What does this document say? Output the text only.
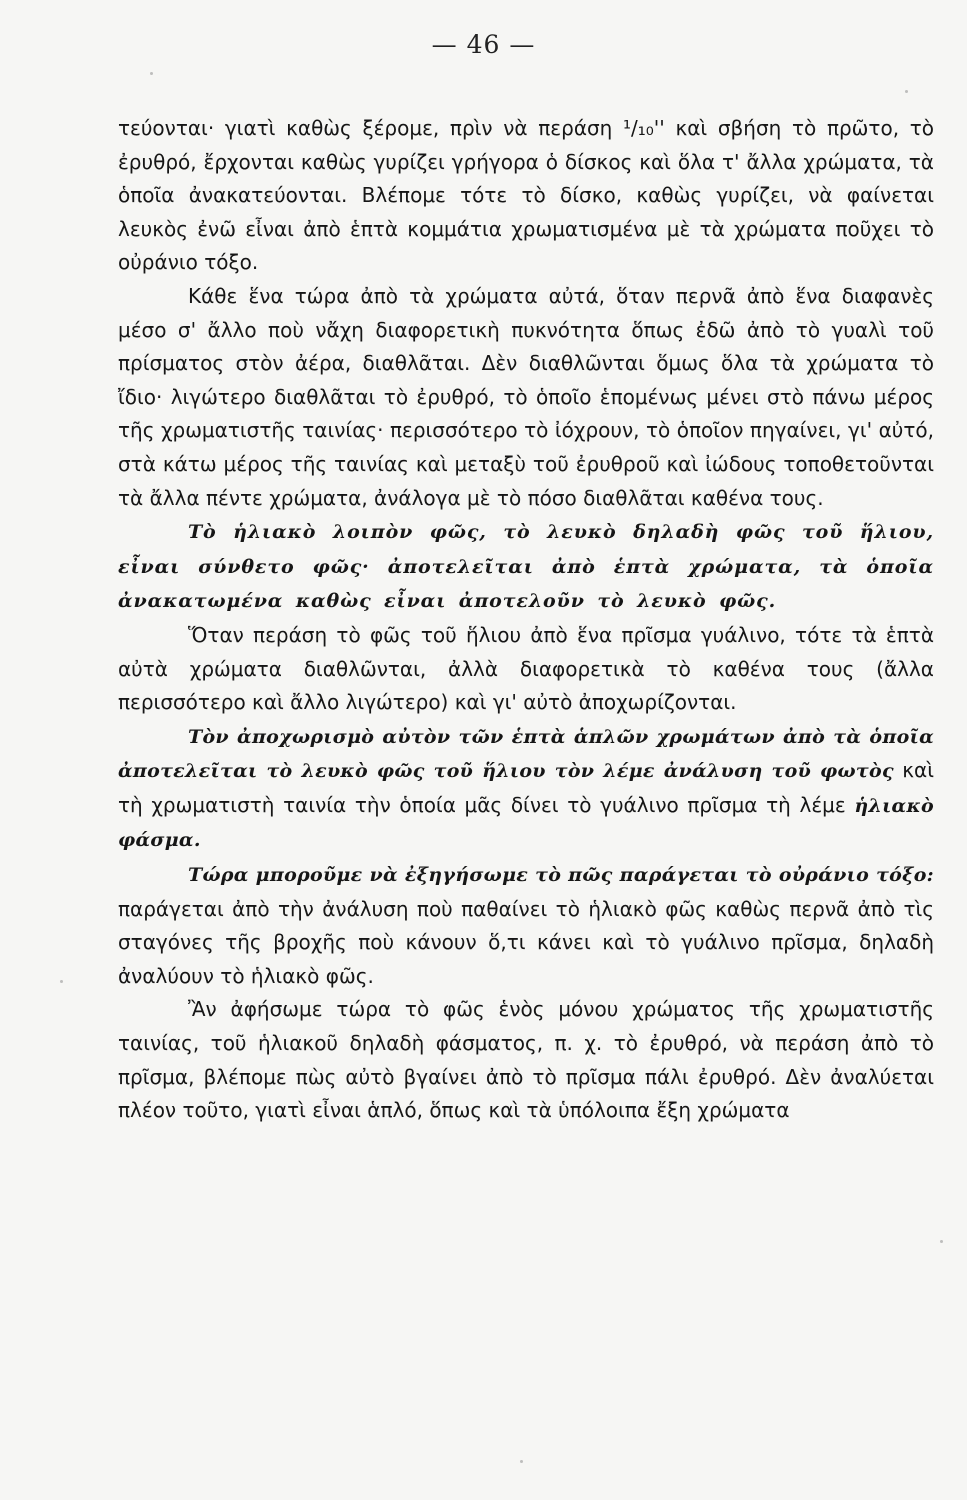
— 46 —

τεύονται· γιατὶ καθὼς ξέρομε, πρὶν νὰ περάση ¹/₁₀'' καὶ σβήση τὸ πρῶτο, τὸ ἐρυθρό, ἔρχονται καθὼς γυρίζει γρήγορα ὁ δίσκος καὶ ὅλα τ' ἄλλα χρώματα, τὰ ὁποῖα ἀνακατεύονται. Βλέπομε τότε τὸ δίσκο, καθὼς γυρίζει, νὰ φαίνεται λευκὸς ἐνῶ εἶναι ἀπὸ ἑπτὰ κομμάτια χρωματισμένα μὲ τὰ χρώματα ποῦχει τὸ οὐράνιο τόξο.

Κάθε ἕνα τώρα ἀπὸ τὰ χρώματα αὐτά, ὅταν περνᾶ ἀπὸ ἕνα διαφανὲς μέσο σ' ἄλλο ποὺ νἄχη διαφορετικὴ πυκνότητα ὅπως ἐδῶ ἀπὸ τὸ γυαλὶ τοῦ πρίσματος στὸν ἀέρα, διαθλᾶται. Δὲν διαθλῶνται ὅμως ὅλα τὰ χρώματα τὸ ἴδιο· λιγώτερο διαθλᾶται τὸ ἐρυθρό, τὸ ὁποῖο ἑπομένως μένει στὸ πάνω μέρος τῆς χρωματιστῆς ταινίας· περισσότερο τὸ ἰόχρουν, τὸ ὁποῖον πηγαίνει, γι' αὐτό, στὰ κάτω μέρος τῆς ταινίας καὶ μεταξὺ τοῦ ἐρυθροῦ καὶ ἰώδους τοποθετοῦνται τὰ ἄλλα πέντε χρώματα, ἀνάλογα μὲ τὸ πόσο διαθλᾶται καθένα τους.

Τὸ ἡλιακὸ λοιπὸν φῶς, τὸ λευκὸ δηλαδὴ φῶς τοῦ ἥλιου, εἶναι σύνθετο φῶς· ἀποτελεῖται ἀπὸ ἑπτὰ χρώματα, τὰ ὁποῖα ἀνακατωμένα καθὼς εἶναι ἀποτελοῦν τὸ λευκὸ φῶς.

Ὅταν περάση τὸ φῶς τοῦ ἥλιου ἀπὸ ἕνα πρῖσμα γυάλινο, τότε τὰ ἑπτὰ αὐτὰ χρώματα διαθλῶνται, ἀλλὰ διαφορετικὰ τὸ καθένα τους (ἄλλα περισσότερο καὶ ἄλλο λιγώτερο) καὶ γι' αὐτὸ ἀποχωρίζονται.

Τὸν ἀποχωρισμὸ αὐτὸν τῶν ἑπτὰ ἁπλῶν χρωμάτων ἀπὸ τὰ ὁποῖα ἀποτελεῖται τὸ λευκὸ φῶς τοῦ ἥλιου τὸν λέμε ἀνάλυση τοῦ φωτὸς καὶ τὴ χρωματιστὴ ταινία τὴν ὁποία μᾶς δίνει τὸ γυάλινο πρῖσμα τὴ λέμε ἡλιακὸ φάσμα.

Τώρα μποροῦμε νὰ ἐξηγήσωμε τὸ πῶς παράγεται τὸ οὐράνιο τόξο: παράγεται ἀπὸ τὴν ἀνάλυση ποὺ παθαίνει τὸ ἡλιακὸ φῶς καθὼς περνᾶ ἀπὸ τὶς σταγόνες τῆς βροχῆς ποὺ κάνουν ὅ,τι κάνει καὶ τὸ γυάλινο πρῖσμα, δηλαδὴ ἀναλύουν τὸ ἡλιακὸ φῶς.

Ἂν ἀφήσωμε τώρα τὸ φῶς ἑνὸς μόνου χρώματος τῆς χρωματιστῆς ταινίας, τοῦ ἡλιακοῦ δηλαδὴ φάσματος, π. χ. τὸ ἐρυθρό, νὰ περάση ἀπὸ τὸ πρῖσμα, βλέπομε πὼς αὐτὸ βγαίνει ἀπὸ τὸ πρῖσμα πάλι ἐρυθρό. Δὲν ἀναλύεται πλέον τοῦτο, γιατὶ εἶναι ἁπλό, ὅπως καὶ τὰ ὑπόλοιπα ἔξη χρώματα
